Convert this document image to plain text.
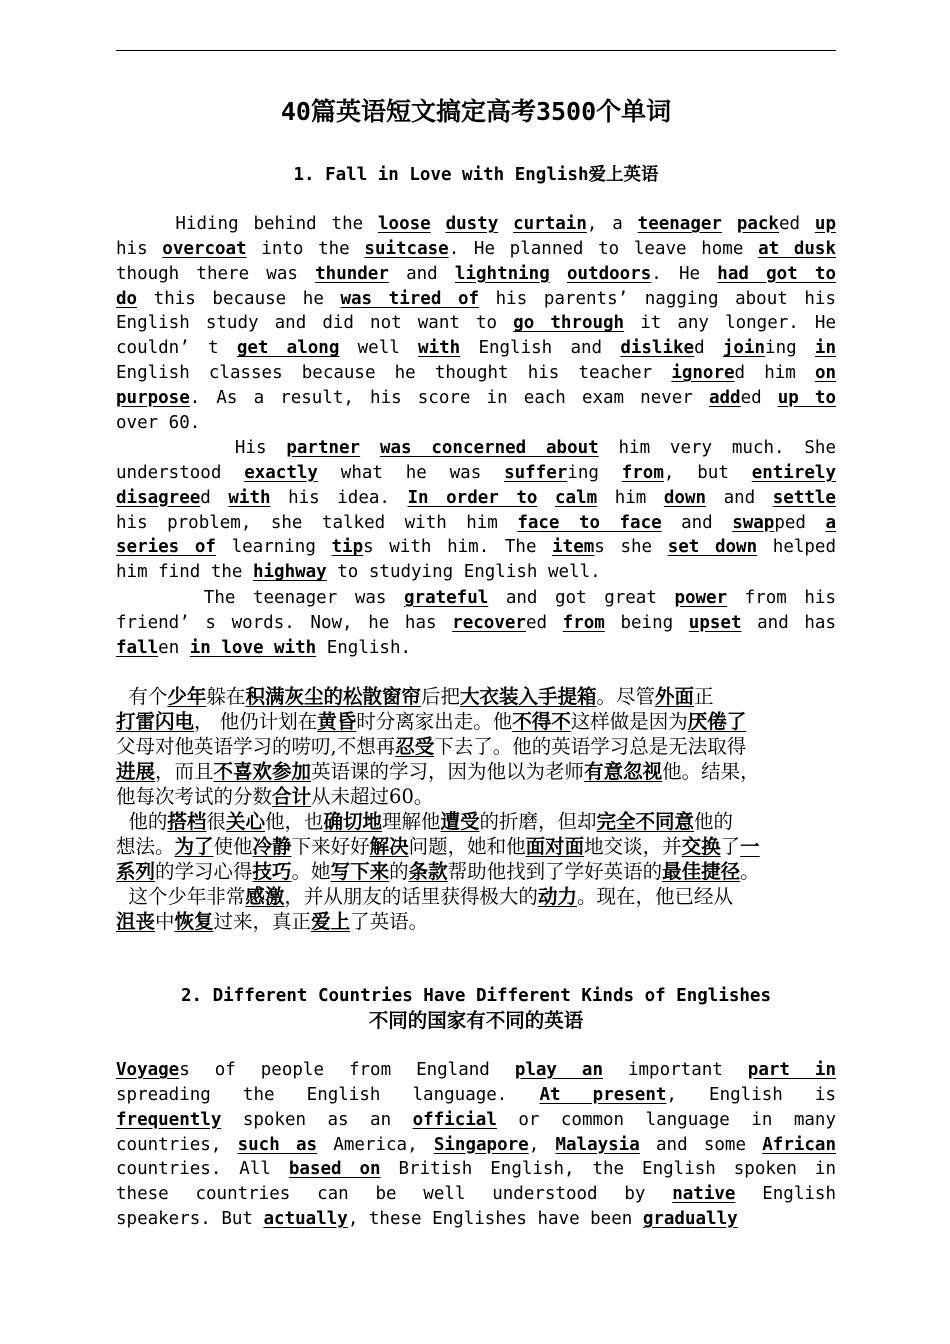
40篇英语短文搞定高考3500个单词
1. Fall in Love with English爱上英语
Hiding behind the loose dusty curtain, a teenager packed up
his overcoat into the suitcase. He planned to leave home at dusk
though there was thunder and lightning outdoors. He had got to
do this because he was tired of his parents’ nagging about his
English study and did not want to go through it any longer. He
couldn’ t get along well with English and disliked joining in
English classes because he thought his teacher ignored him on
purpose. As a result, his score in each exam never added up to
over 60.
His partner was concerned about him very much. She
understood exactly what he was suffering from, but entirely
disagreed with his idea. In order to calm him down and settle
his problem, she talked with him face to face and swapped a
series of learning tips with him. The items she set down helped
him find the highway to studying English well.
The teenager was grateful and got great power from his
friend’ s words. Now, he has recovered from being upset and has
fallen in love with English.
有个少年躲在积满灰尘的松散窗帘后把大衣装入手提箱。尽管外面正
打雷闪电， 他仍计划在黄昏时分离家出走。他不得不这样做是因为厌倦了
父母对他英语学习的唠叨,不想再忍受下去了。他的英语学习总是无法取得
进展，而且不喜欢参加英语课的学习，因为他以为老师有意忽视他。结果，
他每次考试的分数合计从未超过60。
他的搭档很关心他，也确切地理解他遭受的折磨，但却完全不同意他的
想法。为了使他冷静下来好好解决问题，她和他面对面地交谈，并交换了一
系列的学习心得技巧。她写下来的条款帮助他找到了学好英语的最佳捷径。
这个少年非常感激，并从朋友的话里获得极大的动力。现在，他已经从
沮丧中恢复过来，真正爱上了英语。
2. Different Countries Have Different Kinds of Englishes
不同的国家有不同的英语
Voyages of people from England play an important part in
spreading the English language. At present, English is
frequently spoken as an official or common language in many
countries, such as America, Singapore, Malaysia and some African
countries. All based on British English, the English spoken in
these countries can be well understood by native English
speakers. But actually, these Englishes have been gradually
